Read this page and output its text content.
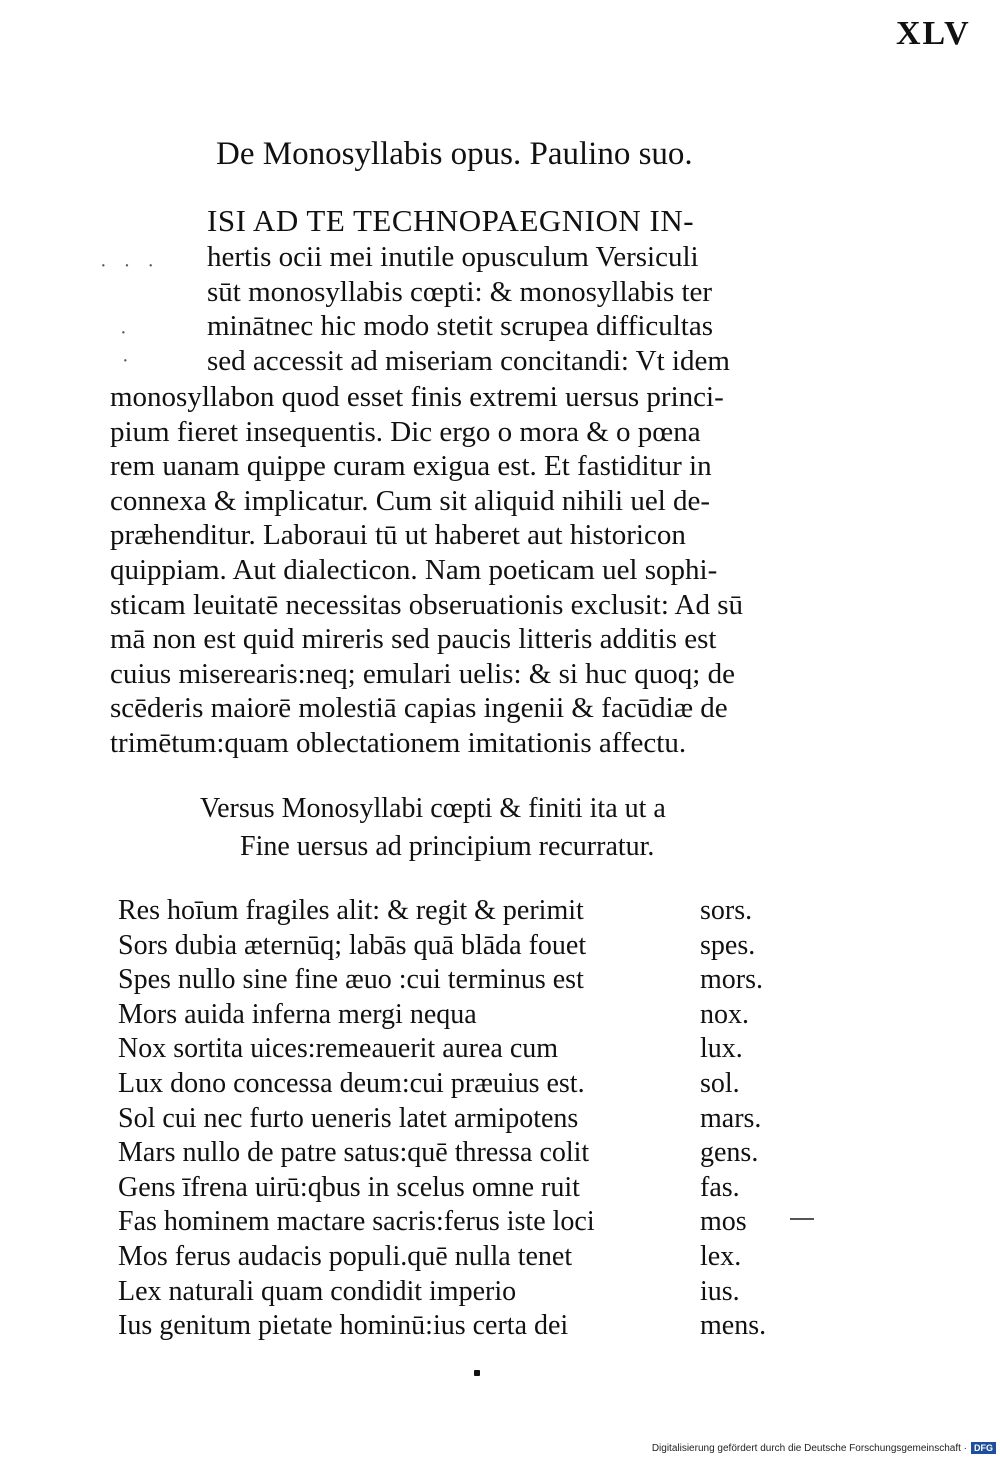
XLV
De Monosyllabis opus. Paulino suo.
ISI AD TE TECHNOPAEGNION IN-
· · ·
·
·
hertis ocii mei inutile opusculum Versiculi
sūt monosyllabis cœpti: & monosyllabis ter
minātnec hic modo stetit scrupea difficultas
sed accessit ad miseriam concitandi: Vt idem
monosyllabon quod esset finis extremi uersus princi-
pium fieret insequentis. Dic ergo o mora & o pœna
rem uanam quippe curam exigua est. Et fastiditur in
connexa & implicatur. Cum sit aliquid nihili uel de-
præhenditur. Laboraui tū ut haberet aut historicon
quippiam. Aut dialecticon. Nam poeticam uel sophi-
sticam leuitatē necessitas obseruationis exclusit: Ad sū
mā non est quid mireris sed paucis litteris additis est
cuius miserearis:neq; emulari uelis: & si huc quoq; de
scēderis maiorē molestiā capias ingenii & facūdiæ de
trimētum:quam oblectationem imitationis affectu.
Versus Monosyllabi cœpti & finiti ita ut a
Fine uersus ad principium recurratur.
Res hoīum fragiles alit: & regit & perimit	sors.
Sors dubia æternūq; labās quā blāda fouet	spes.
Spes nullo sine fine æuo :cui terminus est	mors.
Mors auida inferna mergi nequa	nox.
Nox sortita uices:remeauerit aurea cum	lux.
Lux dono concessa deum:cui præuius est.	sol.
Sol cui nec furto ueneris latet armipotens	mars.
Mars nullo de patre satus:quē thressa colit	gens.
Gens īfrena uirū:qbus in scelus omne ruit	fas.
Fas hominem mactare sacris:ferus iste loci	mos
Mos ferus audacis populi.quē nulla tenet	lex.
Lex naturali quam condidit imperio	ius.
Ius genitum pietate hominū:ius certa dei	mens.
Digitalisierung gefördert durch die Deutsche Forschungsgemeinschaft · DFG
